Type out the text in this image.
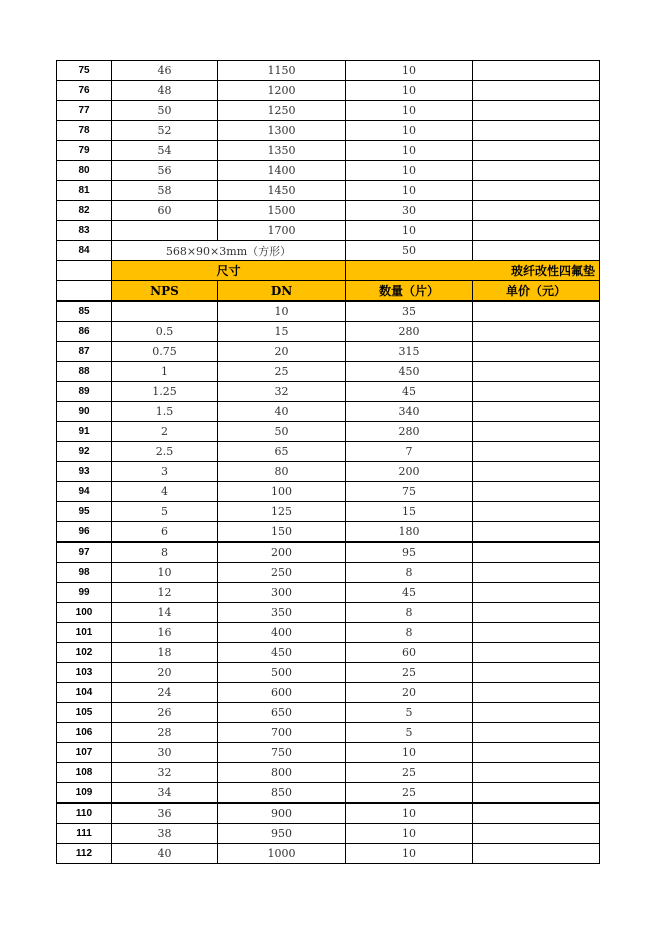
75	46	1150	10	
76	48	1200	10	
77	50	1250	10	
78	52	1300	10	
79	54	1350	10	
80	56	1400	10	
81	58	1450	10	
82	60	1500	30	
83		1700	10	
84	568×90×3mm（方形）		50	
	尺寸		玻纤改性四氟垫	
	NPS	DN	数量（片）	单价（元）
85		10	35	
86	0.5	15	280	
87	0.75	20	315	
88	1	25	450	
89	1.25	32	45	
90	1.5	40	340	
91	2	50	280	
92	2.5	65	7	
93	3	80	200	
94	4	100	75	
95	5	125	15	
96	6	150	180	
97	8	200	95	
98	10	250	8	
99	12	300	45	
100	14	350	8	
101	16	400	8	
102	18	450	60	
103	20	500	25	
104	24	600	20	
105	26	650	5	
106	28	700	5	
107	30	750	10	
108	32	800	25	
109	34	850	25	
110	36	900	10	
111	38	950	10	
112	40	1000	10	
